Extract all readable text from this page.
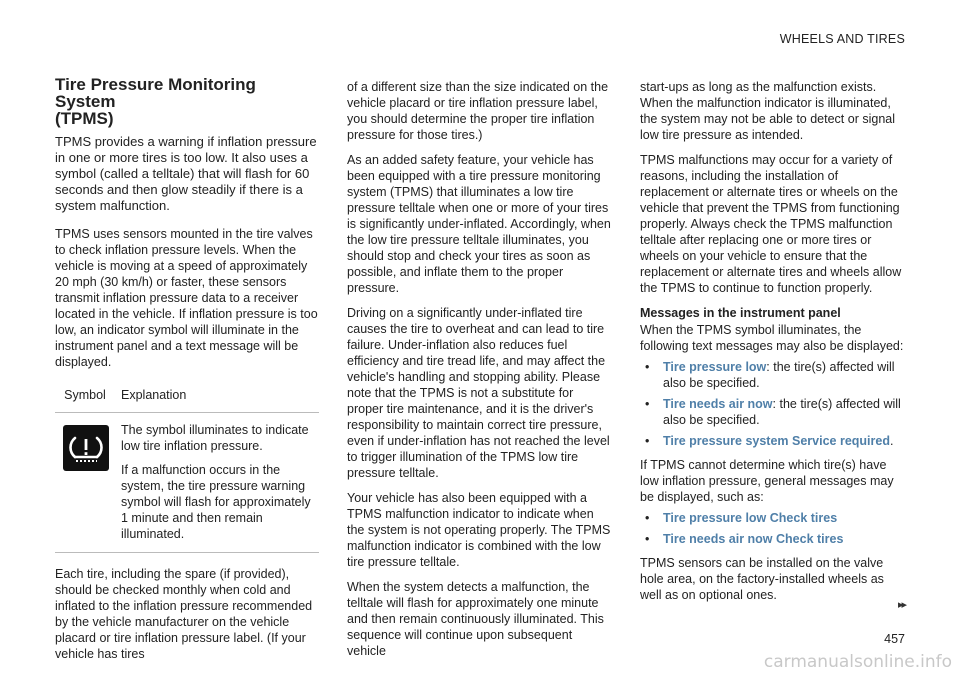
WHEELS AND TIRES
Tire Pressure Monitoring System
(TPMS)

TPMS provides a warning if inflation pressure in one or more tires is too low. It also uses a symbol (called a telltale) that will flash for 60 seconds and then glow steadily if there is a system malfunction.

TPMS uses sensors mounted in the tire valves to check inflation pressure levels. When the vehicle is moving at a speed of approximately 20 mph (30 km/h) or faster, these sensors transmit inflation pressure data to a receiver located in the vehicle. If inflation pressure is too low, an indicator symbol will illuminate in the instrument panel and a text message will be displayed.

Symbol	Explanation

The symbol illuminates to indicate low tire inflation pressure.

If a malfunction occurs in the system, the tire pressure warning symbol will flash for approximately 1 minute and then remain illuminated.

Each tire, including the spare (if provided), should be checked monthly when cold and inflated to the inflation pressure recommended by the vehicle manufacturer on the vehicle placard or tire inflation pressure label. (If your vehicle has tires

of a different size than the size indicated on the vehicle placard or tire inflation pressure label, you should determine the proper tire inflation pressure for those tires.)

As an added safety feature, your vehicle has been equipped with a tire pressure monitoring system (TPMS) that illuminates a low tire pressure telltale when one or more of your tires is significantly under-inflated. Accordingly, when the low tire pressure telltale illuminates, you should stop and check your tires as soon as possible, and inflate them to the proper pressure.

Driving on a significantly under-inflated tire causes the tire to overheat and can lead to tire failure. Under-inflation also reduces fuel efficiency and tire tread life, and may affect the vehicle's handling and stopping ability. Please note that the TPMS is not a substitute for proper tire maintenance, and it is the driver's responsibility to maintain correct tire pressure, even if under-inflation has not reached the level to trigger illumination of the TPMS low tire pressure telltale.

Your vehicle has also been equipped with a TPMS malfunction indicator to indicate when the system is not operating properly. The TPMS malfunction indicator is combined with the low tire pressure telltale.

When the system detects a malfunction, the telltale will flash for approximately one minute and then remain continuously illuminated. This sequence will continue upon subsequent vehicle

start-ups as long as the malfunction exists. When the malfunction indicator is illuminated, the system may not be able to detect or signal low tire pressure as intended.

TPMS malfunctions may occur for a variety of reasons, including the installation of replacement or alternate tires or wheels on the vehicle that prevent the TPMS from functioning properly. Always check the TPMS malfunction telltale after replacing one or more tires or wheels on your vehicle to ensure that the replacement or alternate tires and wheels allow the TPMS to continue to function properly.

Messages in the instrument panel

When the TPMS symbol illuminates, the following text messages may also be displayed:

• Tire pressure low: the tire(s) affected will also be specified.
• Tire needs air now: the tire(s) affected will also be specified.
• Tire pressure system Service required.

If TPMS cannot determine which tire(s) have low inflation pressure, general messages may be displayed, such as:

• Tire pressure low Check tires
• Tire needs air now Check tires

TPMS sensors can be installed on the valve hole area, on the factory-installed wheels as well as on optional ones.

▸▸
457
carmanualsonline.info
